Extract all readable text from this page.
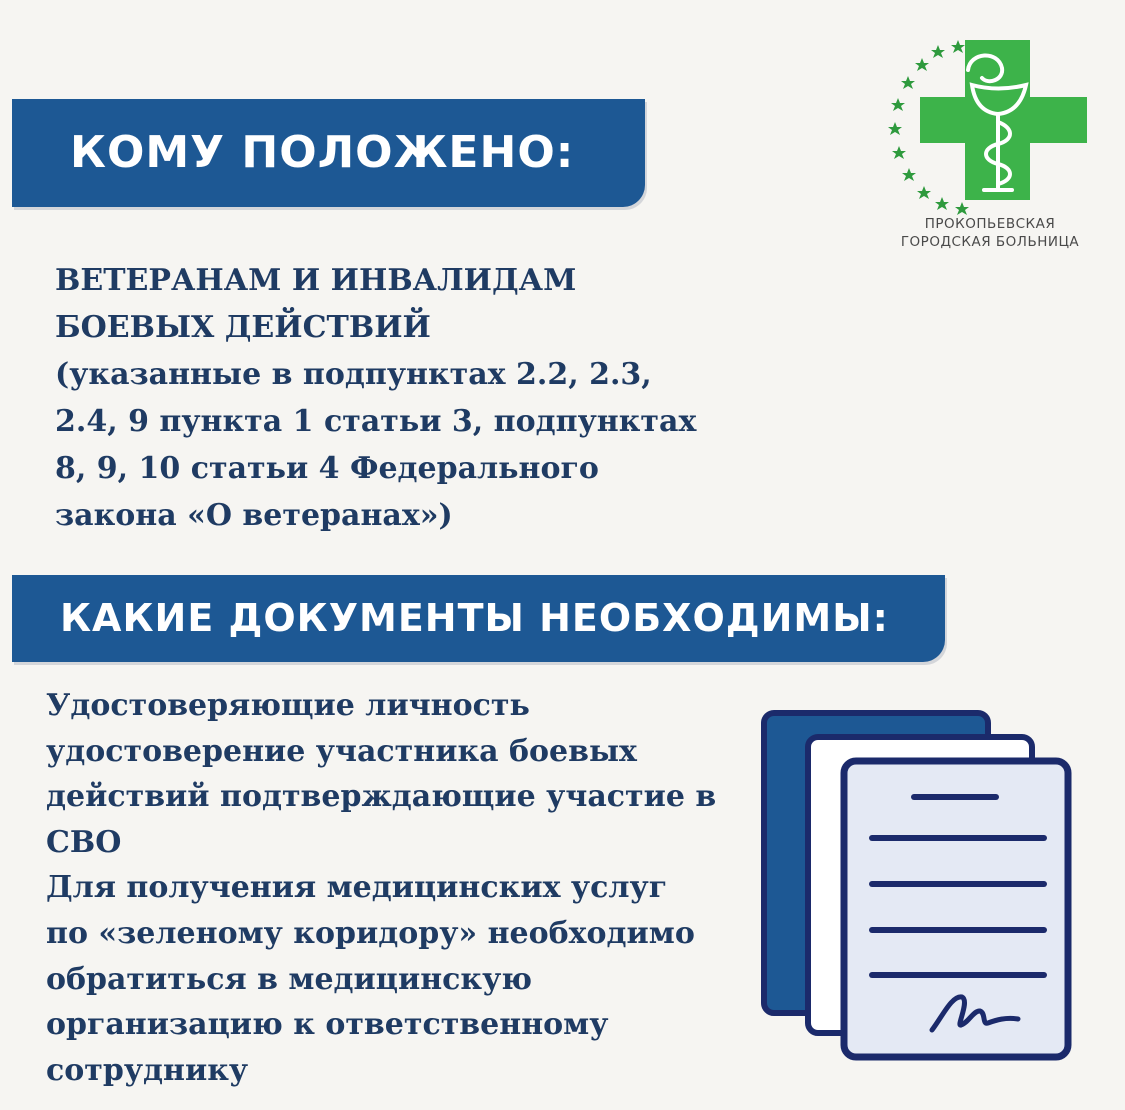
ПРОКОПЬЕВСКАЯ
ГОРОДСКАЯ БОЛЬНИЦА
КОМУ ПОЛОЖЕНО:
ВЕТЕРАНАМ И ИНВАЛИДАМ
БОЕВЫХ ДЕЙСТВИЙ
(указанные в подпунктах 2.2, 2.3,
2.4, 9 пункта 1 статьи 3, подпунктах
8, 9, 10 статьи 4 Федерального
закона «О ветеранах»)
КАКИЕ ДОКУМЕНТЫ НЕОБХОДИМЫ:
Удостоверяющие личность
удостоверение участника боевых
действий подтверждающие участие в
СВО
Для получения медицинских услуг
по «зеленому коридору» необходимо
обратиться в медицинскую
организацию к ответственному
сотруднику
